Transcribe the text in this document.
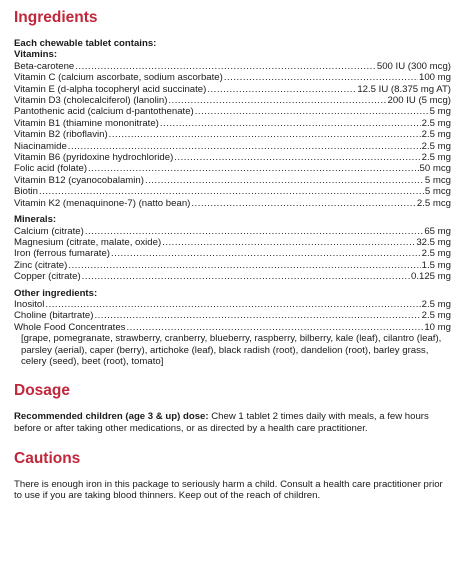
Ingredients
Each chewable tablet contains:
Vitamins:
Beta-carotene .....	500 IU (300 mcg)
Vitamin C (calcium ascorbate, sodium ascorbate) .....	100 mg
Vitamin E (d-alpha tocopheryl acid succinate) .....	12.5 IU (8.375 mg AT)
Vitamin D3 (cholecalciferol) (lanolin) .....	200 IU (5 mcg)
Pantothenic acid (calcium d-pantothenate) .....	5 mg
Vitamin B1 (thiamine mononitrate) .....	2.5 mg
Vitamin B2 (riboflavin) .....	2.5 mg
Niacinamide .....	2.5 mg
Vitamin B6 (pyridoxine hydrochloride) .....	2.5 mg
Folic acid (folate) .....	50 mcg
Vitamin B12 (cyanocobalamin) .....	5 mcg
Biotin .....	5 mcg
Vitamin K2 (menaquinone-7) (natto bean) .....	2.5 mcg
Minerals:
Calcium (citrate) .....	65 mg
Magnesium (citrate, malate, oxide) .....	32.5 mg
Iron (ferrous fumarate) .....	2.5 mg
Zinc (citrate) .....	1.5 mg
Copper (citrate) .....	0.125 mg
Other ingredients:
Inositol .....	2.5 mg
Choline (bitartrate) .....	2.5 mg
Whole Food Concentrates .....	10 mg
[grape, pomegranate, strawberry, cranberry, blueberry, raspberry, bilberry, kale (leaf), cilantro (leaf), parsley (aerial), caper (berry), artichoke (leaf), black radish (root), dandelion (root), barley grass, celery (seed), beet (root), tomato]
Dosage
Recommended children (age 3 & up) dose: Chew 1 tablet 2 times daily with meals, a few hours before or after taking other medications, or as directed by a health care practitioner.
Cautions
There is enough iron in this package to seriously harm a child. Consult a health care practitioner prior to use if you are taking blood thinners. Keep out of the reach of children.
